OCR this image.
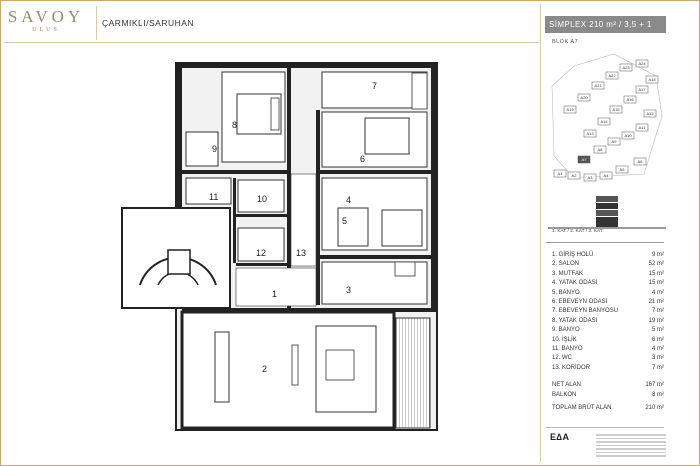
SAVOY
ULUS
ÇARMIKLI/SARUHAN
1
2
3
4
5
6
7
8
9
10
11
12	13
SİMPLEX 210 m² / 3,5 + 1
BLOK A7
A1 A2	A3	A4
A5
A6
A7
A8
A9
A10
A11
A12
A13
A14
A15
A16
A17
A18
A19
A20
A21
A22
A23
A24
1. KAT / 2. KAT / 3. KAT
1. GİRİŞ HOLÜ	9 m²
2. SALON	52 m²
3. MUTFAK	15 m²
4. YATAK ODASI	15 m²
5. BANYO	4 m²
6. EBEVEYN ODASI	21 m²
7. EBEVEYN BANYOSU	7 m²
8. YATAK ODASI	19 m²
9. BANYO	5 m²
10. İŞLİK	6 m²
11. BANYO	4 m²
12. WC	3 m²
13. KORİDOR	7 m²
NET ALAN	167 m²
BALKON	8 m²
TOPLAM BRÜT ALAN	210 m²
E∆A
